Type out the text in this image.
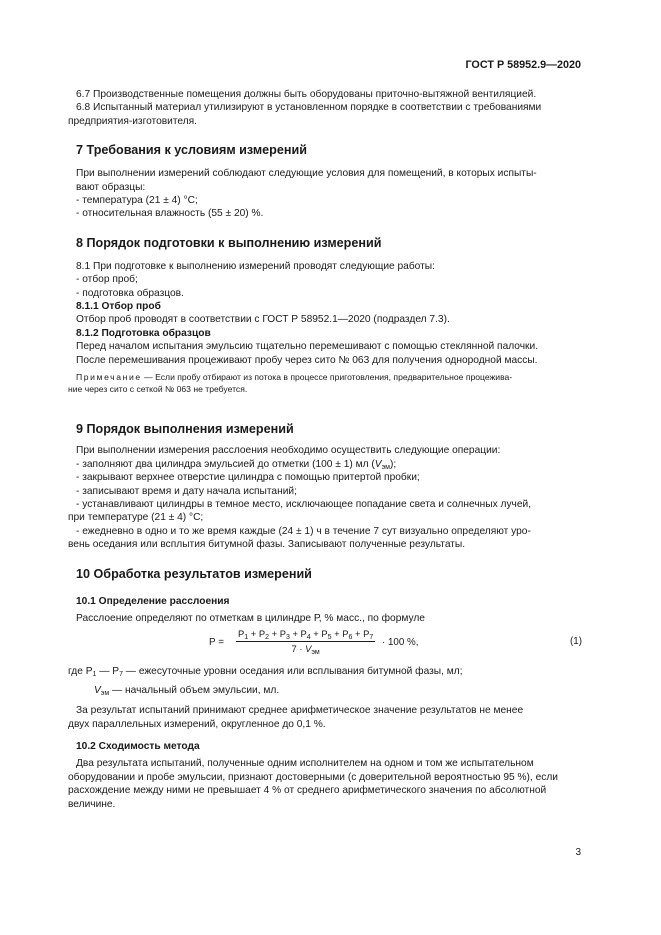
ГОСТ Р 58952.9—2020
6.7 Производственные помещения должны быть оборудованы приточно-вытяжной вентиляцией.
6.8 Испытанный материал утилизируют в установленном порядке в соответствии с требованиями
предприятия-изготовителя.
7 Требования к условиям измерений
При выполнении измерений соблюдают следующие условия для помещений, в которых испыты-
вают образцы:
- температура (21 ± 4) °С;
- относительная влажность (55 ± 20) %.
8 Порядок подготовки к выполнению измерений
8.1 При подготовке к выполнению измерений проводят следующие работы:
- отбор проб;
- подготовка образцов.
8.1.1 Отбор проб
Отбор проб проводят в соответствии с ГОСТ Р 58952.1—2020 (подраздел 7.3).
8.1.2 Подготовка образцов
Перед началом испытания эмульсию тщательно перемешивают с помощью стеклянной палочки.
После перемешивания процеживают пробу через сито № 063 для получения однородной массы.
Примечание — Если пробу отбирают из потока в процессе приготовления, предварительное процежива-
ние через сито с сеткой № 063 не требуется.
9 Порядок выполнения измерений
При выполнении измерения расслоения необходимо осуществить следующие операции:
- заполняют два цилиндра эмульсией до отметки (100 ± 1) мл $(V_{эм})$;
- закрывают верхнее отверстие цилиндра с помощью притертой пробки;
- записывают время и дату начала испытаний;
- устанавливают цилиндры в темное место, исключающее попадание света и солнечных лучей,
при температуре (21 ± 4) °С;
- ежедневно в одно и то же время каждые (24 ± 1) ч в течение 7 сут визуально определяют уро-
вень оседания или всплытия битумной фазы. Записывают полученные результаты.
10 Обработка результатов измерений
10.1 Определение расслоения
Расслоение определяют по отметкам в цилиндре Р, % масс., по формуле
Р =
$Р_1 + Р_2 + Р_3 + Р_4 + Р_5 + Р_6 + Р_7$
$7 \cdot V_{эм}$
· 100 %,	(1)
где $Р_1$ — $Р_7$ — ежесуточные уровни оседания или всплывания битумной фазы, мл;
$V_{эм}$ — начальный объем эмульсии, мл.
За результат испытаний принимают среднее арифметическое значение результатов не менее
двух параллельных измерений, округленное до 0,1 %.
10.2 Сходимость метода
Два результата испытаний, полученные одним исполнителем на одном и том же испытательном
оборудовании и пробе эмульсии, признают достоверными (с доверительной вероятностью 95 %), если
расхождение между ними не превышает 4 % от среднего арифметического значения по абсолютной
величине.
3
